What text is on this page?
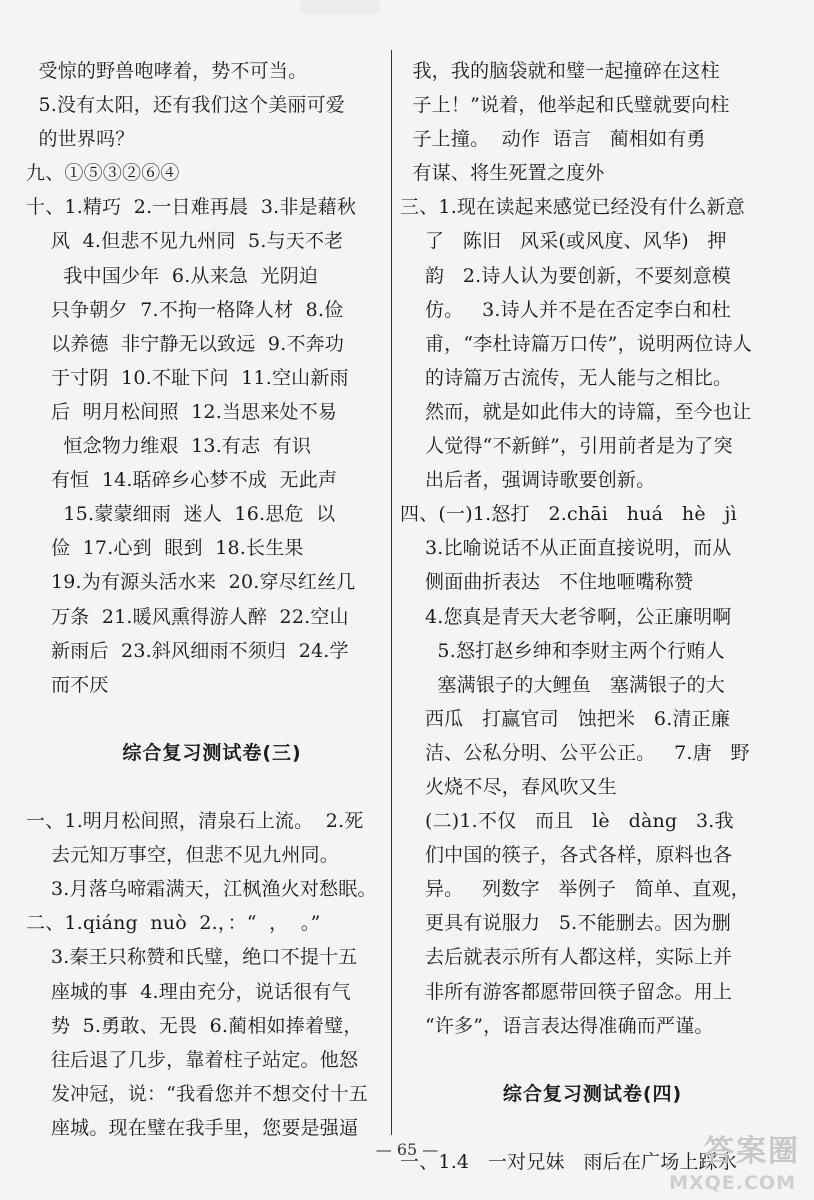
受惊的野兽咆哮着，势不可当。
5.没有太阳，还有我们这个美丽可爱
的世界吗？
九、①⑤③②⑥④
十、1.精巧  2.一日难再晨  3.非是藉秋
风  4.但悲不见九州同  5.与天不老
我中国少年  6.从来急  光阴迫
只争朝夕  7.不拘一格降人材  8.俭
以养德  非宁静无以致远  9.不奔功
于寸阴  10.不耻下问  11.空山新雨
后  明月松间照  12.当思来处不易
恒念物力维艰  13.有志  有识
有恒  14.聒碎乡心梦不成  无此声
15.蒙蒙细雨  迷人  16.思危  以
俭  17.心到  眼到  18.长生果
19.为有源头活水来  20.穿尽红丝几
万条  21.暖风熏得游人醉  22.空山
新雨后  23.斜风细雨不须归  24.学
而不厌
综合复习测试卷(三)
一、1.明月松间照，清泉石上流。  2.死
去元知万事空，但悲不见九州同。
3.月落乌啼霜满天，江枫渔火对愁眠。
二、1.qiáng  nuò  2.，：“  ，  。”
3.秦王只称赞和氏璧，绝口不提十五
座城的事  4.理由充分，说话很有气
势  5.勇敢、无畏  6.蔺相如捧着璧，
往后退了几步，靠着柱子站定。他怒
发冲冠，说：“我看您并不想交付十五
座城。现在璧在我手里，您要是强逼
我，我的脑袋就和璧一起撞碎在这柱
子上！”说着，他举起和氏璧就要向柱
子上撞。  动作  语言   蔺相如有勇
有谋、将生死置之度外
三、1.现在读起来感觉已经没有什么新意
了   陈旧   风采(或风度、风华)   押
韵   2.诗人认为要创新，不要刻意模
仿。   3.诗人并不是在否定李白和杜
甫，“李杜诗篇万口传”，说明两位诗人
的诗篇万古流传，无人能与之相比。
然而，就是如此伟大的诗篇，至今也让
人觉得“不新鲜”，引用前者是为了突
出后者，强调诗歌要创新。
四、(一)1.怒打   2.chāi   huá   hè   jì
3.比喻说话不从正面直接说明，而从
侧面曲折表达   不住地咂嘴称赞
4.您真是青天大老爷啊，公正廉明啊
5.怒打赵乡绅和李财主两个行贿人
塞满银子的大鲤鱼   塞满银子的大
西瓜   打赢官司   蚀把米   6.清正廉
洁、公私分明、公平公正。   7.唐   野
火烧不尽，春风吹又生
(二)1.不仅   而且   lè   dàng   3.我
们中国的筷子，各式各样，原料也各
异。   列数字   举例子   简单、直观，
更具有说服力   5.不能删去。因为删
去后就表示所有人都这样，实际上并
非所有游客都愿带回筷子留念。用上
“许多”，语言表达得准确而严谨。
综合复习测试卷(四)
一、1.4   一对兄妹   雨后在广场上踩水
— 65 —	答案圈
MXQE.COM
